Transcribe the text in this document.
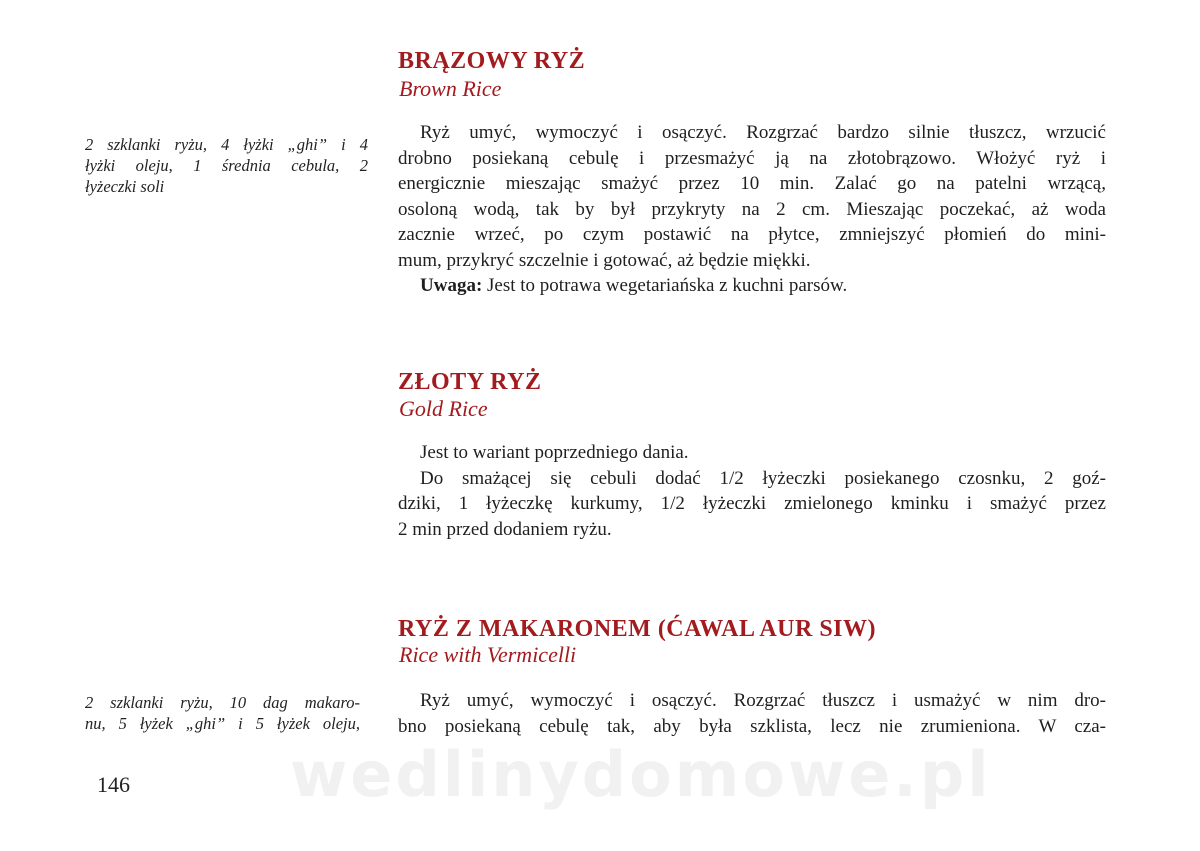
BRĄZOWY RYŻ
Brown Rice
2 szklanki ryżu, 4 łyżki „ghi” i 4
łyżki oleju, 1 średnia cebula, 2
łyżeczki soli
Ryż umyć, wymoczyć i osączyć. Rozgrzać bardzo silnie tłuszcz, wrzucić
drobno posiekaną cebulę i przesmażyć ją na złotobrązowo. Włożyć ryż i
energicznie mieszając smażyć przez 10 min. Zalać go na patelni wrzącą,
osoloną wodą, tak by był przykryty na 2 cm. Mieszając poczekać, aż woda
zacznie wrzeć, po czym postawić na płytce, zmniejszyć płomień do mini-
mum, przykryć szczelnie i gotować, aż będzie miękki.
Uwaga: Jest to potrawa wegetariańska z kuchni parsów.
ZŁOTY RYŻ
Gold Rice
Jest to wariant poprzedniego dania.
Do smażącej się cebuli dodać 1/2 łyżeczki posiekanego czosnku, 2 goź-
dziki, 1 łyżeczkę kurkumy, 1/2 łyżeczki zmielonego kminku i smażyć przez
2 min przed dodaniem ryżu.
RYŻ Z MAKARONEM (ĆAWAL AUR SIW)
Rice with Vermicelli
2 szklanki ryżu, 10 dag makaro-
nu, 5 łyżek „ghi” i 5 łyżek oleju,
Ryż umyć, wymoczyć i osączyć. Rozgrzać tłuszcz i usmażyć w nim dro-
bno posiekaną cebulę tak, aby była szklista, lecz nie zrumieniona. W cza-
wedlinydomowe.pl
146
